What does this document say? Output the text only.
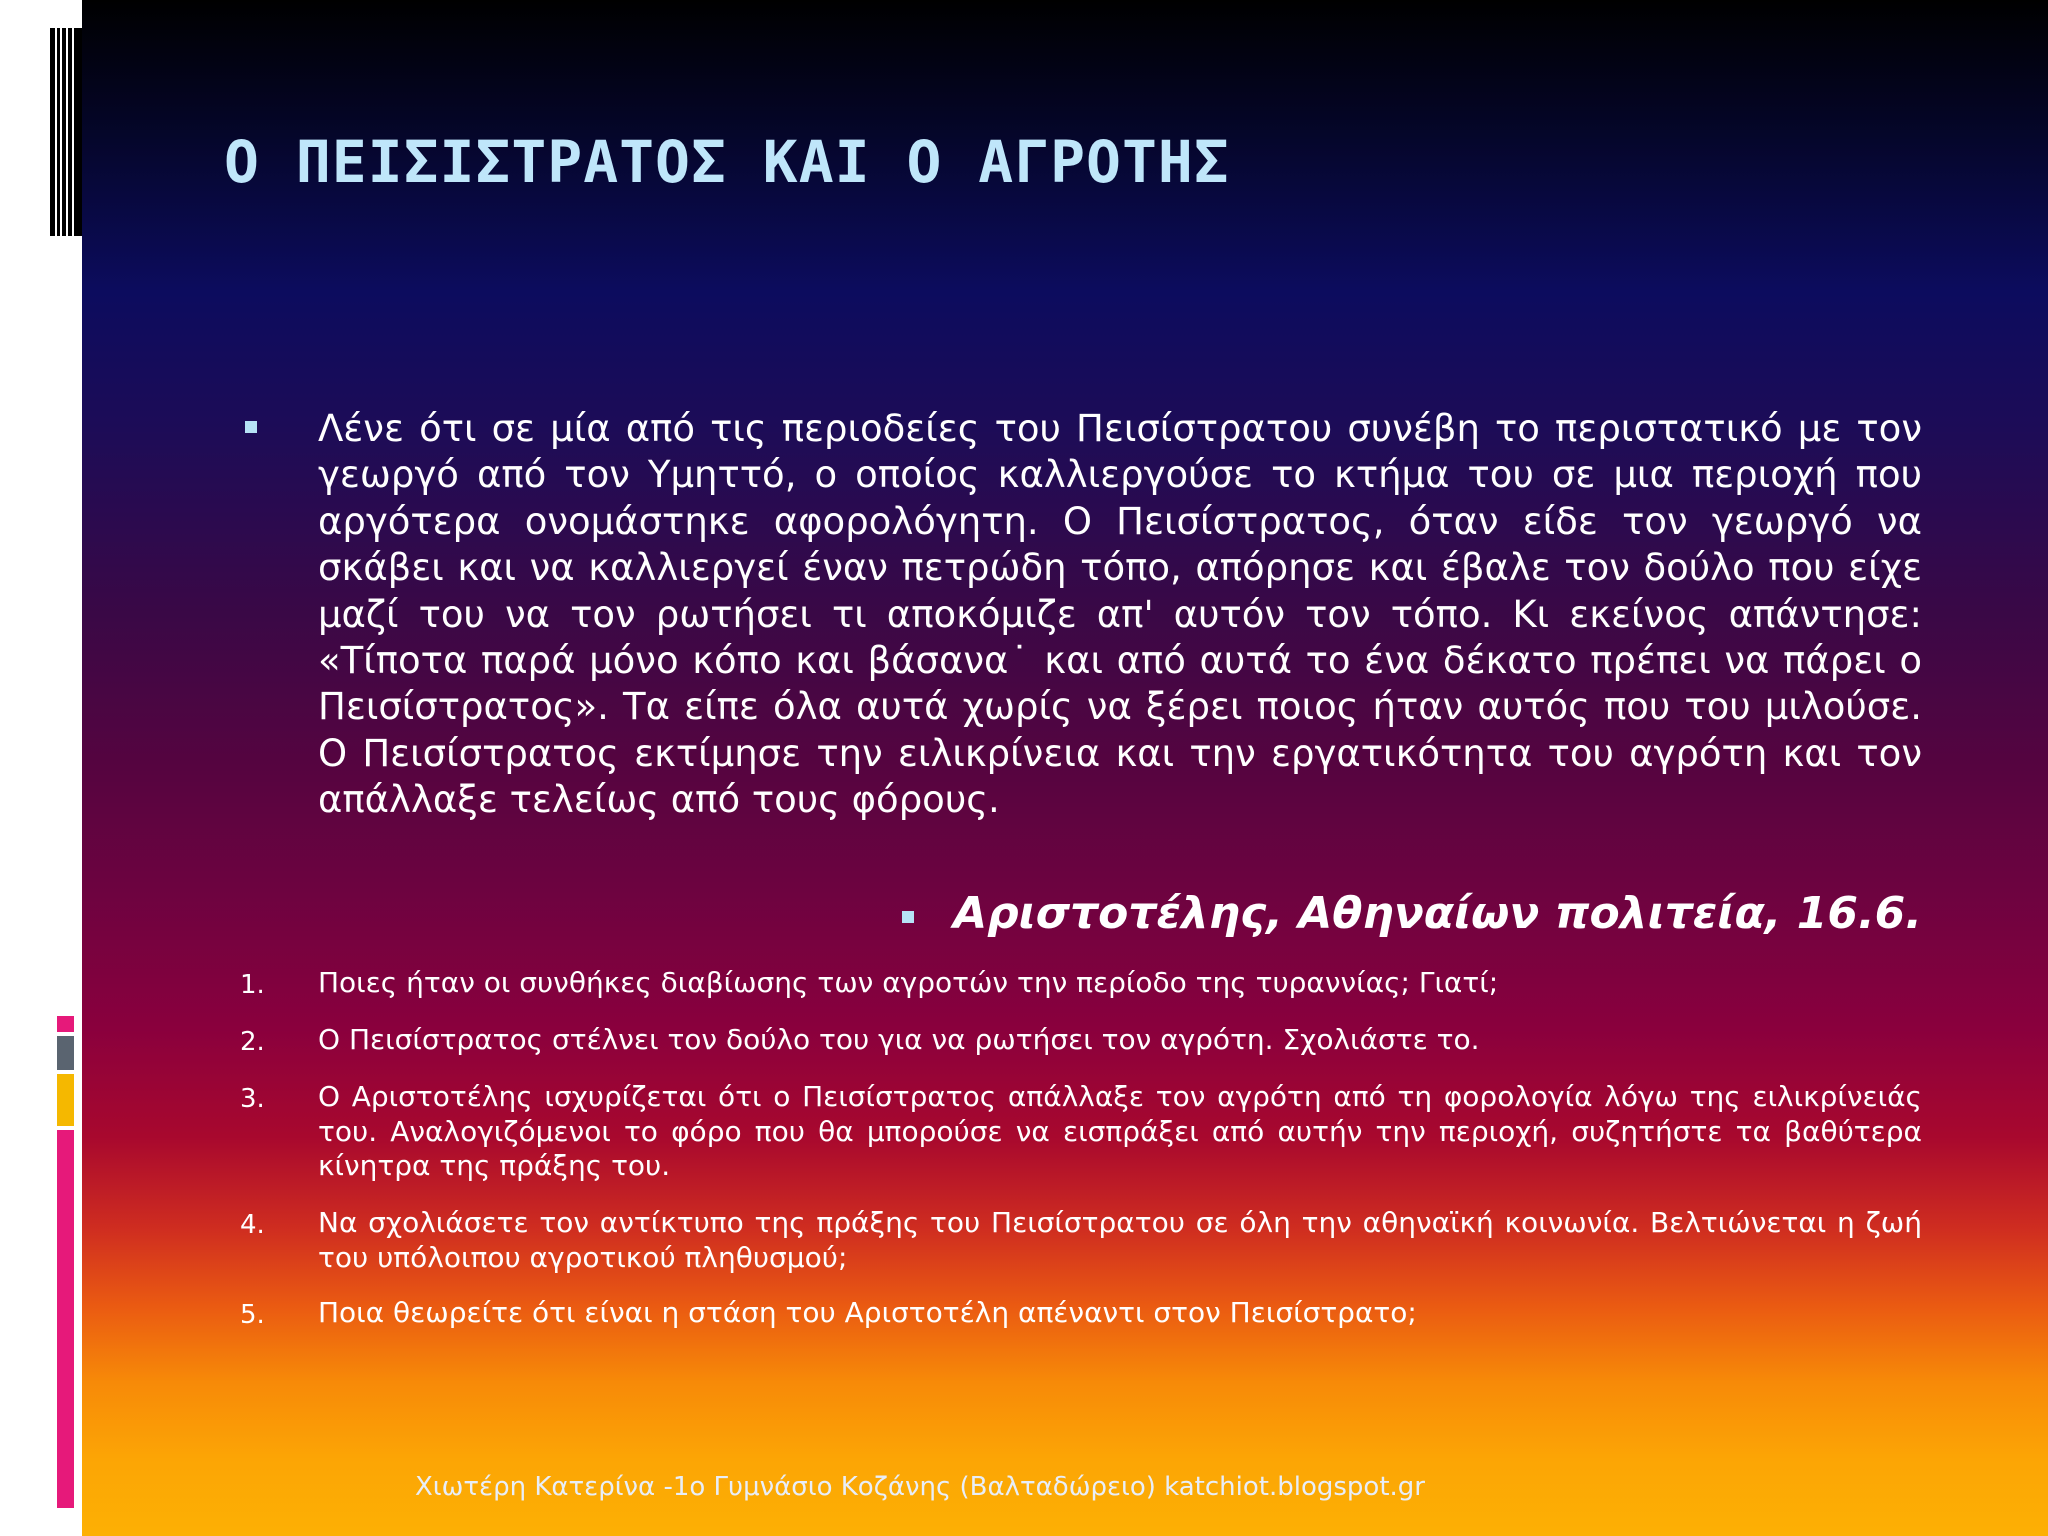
Ο ΠΕΙΣΙΣΤΡΑΤΟΣ ΚΑΙ Ο ΑΓΡΟΤΗΣ

Λένε ότι σε μία από τις περιοδείες του Πεισίστρατου συνέβη το περιστατικό με τον γεωργό από τον Υμηττό, ο οποίος καλλιεργούσε το κτήμα του σε μια περιοχή που αργότερα ονομάστηκε αφορολόγητη. Ο Πεισίστρατος, όταν είδε τον γεωργό να σκάβει και να καλλιεργεί έναν πετρώδη τόπο, απόρησε και έβαλε τον δούλο που είχε μαζί του να τον ρωτήσει τι αποκόμιζε απ' αυτόν τον τόπο. Κι εκείνος απάντησε: «Τίποτα παρά μόνο κόπο και βάσανα˙ και από αυτά το ένα δέκατο πρέπει να πάρει ο Πεισίστρατος». Τα είπε όλα αυτά χωρίς να ξέρει ποιος ήταν αυτός που του μιλούσε. Ο Πεισίστρατος εκτίμησε την ειλικρίνεια και την εργατικότητα του αγρότη και τον απάλλαξε τελείως από τους φόρους.

Αριστοτέλης, Αθηναίων πολιτεία, 16.6.

1. Ποιες ήταν οι συνθήκες διαβίωσης των αγροτών την περίοδο της τυραννίας; Γιατί;

2. Ο Πεισίστρατος στέλνει τον δούλο του για να ρωτήσει τον αγρότη. Σχολιάστε το.

3. Ο Αριστοτέλης ισχυρίζεται ότι ο Πεισίστρατος απάλλαξε τον αγρότη από τη φορολογία λόγω της ειλικρίνειάς του. Αναλογιζόμενοι το φόρο που θα μπορούσε να εισπράξει από αυτήν την περιοχή, συζητήστε τα βαθύτερα κίνητρα της πράξης του.

4. Να σχολιάσετε τον αντίκτυπο της πράξης του Πεισίστρατου σε όλη την αθηναϊκή κοινωνία. Βελτιώνεται η ζωή του υπόλοιπου αγροτικού πληθυσμού;

5. Ποια θεωρείτε ότι είναι η στάση του Αριστοτέλη απέναντι στον Πεισίστρατο;

Χιωτέρη Κατερίνα -1ο Γυμνάσιο Κοζάνης (Βαλταδώρειο) katchiot.blogspot.gr
